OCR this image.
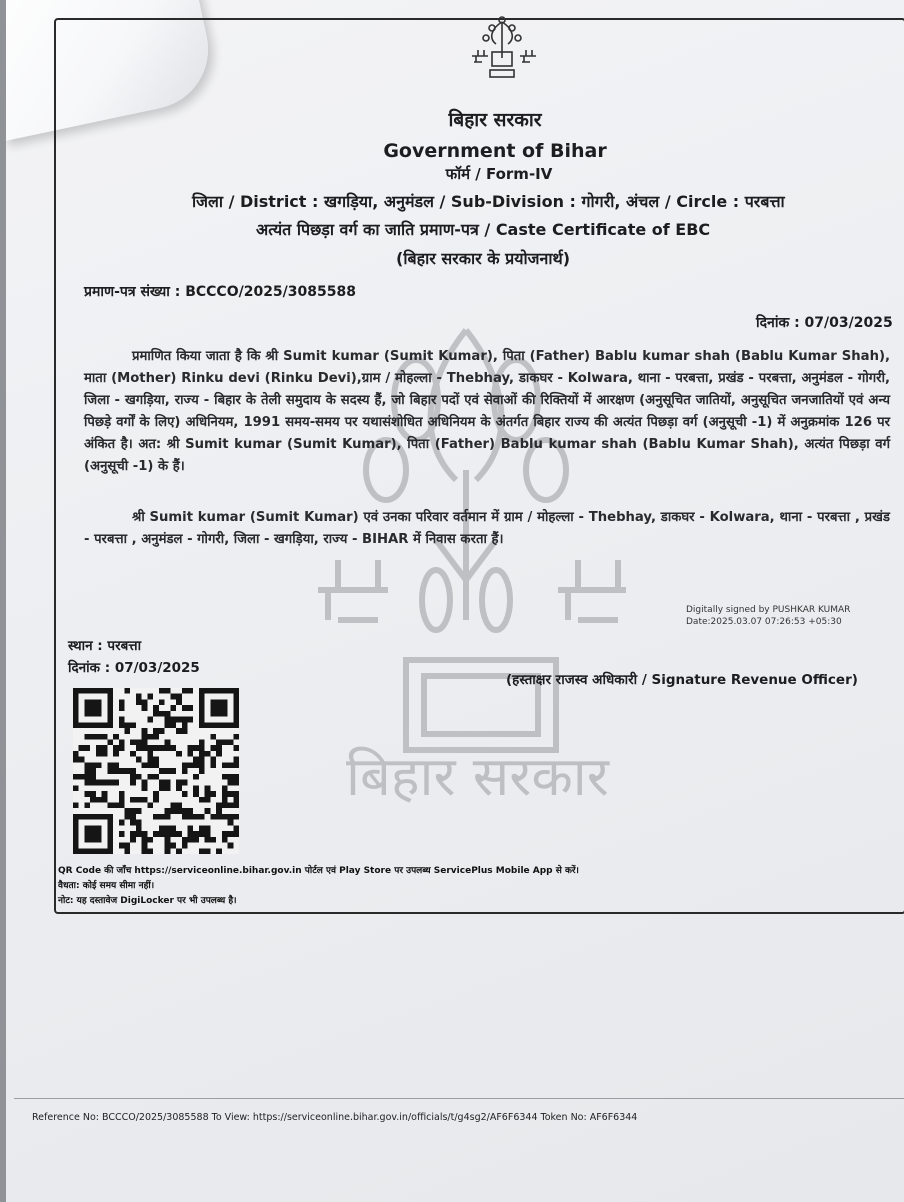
बिहार सरकार
बिहार सरकार
Government of Bihar
फॉर्म / Form-IV
जिला / District : खगड़िया, अनुमंडल / Sub-Division : गोगरी, अंचल / Circle : परबत्ता
अत्यंत पिछड़ा वर्ग का जाति प्रमाण-पत्र / Caste Certificate of EBC
(बिहार सरकार के प्रयोजनार्थ)
प्रमाण-पत्र संख्या : BCCCO/2025/3085588
दिनांक : 07/03/2025
प्रमाणित किया जाता है कि श्री Sumit kumar (Sumit Kumar), पिता (Father) Bablu kumar shah (Bablu Kumar Shah), माता (Mother) Rinku devi (Rinku Devi),ग्राम / मोहल्ला - Thebhay, डाकघर - Kolwara, थाना - परबत्ता, प्रखंड - परबत्ता, अनुमंडल - गोगरी, जिला - खगड़िया, राज्य - बिहार के तेली समुदाय के सदस्य हैं, जो बिहार पदों एवं सेवाओं की रिक्तियों में आरक्षण (अनुसूचित जातियों, अनुसूचित जनजातियों एवं अन्य पिछड़े वर्गों के लिए) अधिनियम, 1991 समय-समय पर यथासंशोधित अधिनियम के अंतर्गत बिहार राज्य की अत्यंत पिछड़ा वर्ग (अनुसूची -1) में अनुक्रमांक 126 पर अंकित है। अत: श्री Sumit kumar (Sumit Kumar), पिता (Father) Bablu kumar shah (Bablu Kumar Shah), अत्यंत पिछड़ा वर्ग (अनुसूची -1) के हैं।
श्री Sumit kumar (Sumit Kumar) एवं उनका परिवार वर्तमान में ग्राम / मोहल्ला - Thebhay, डाकघर - Kolwara, थाना - परबत्ता , प्रखंड - परबत्ता , अनुमंडल - गोगरी, जिला - खगड़िया, राज्य - BIHAR में निवास करता हैं।
Digitally signed by PUSHKAR KUMAR
Date:2025.03.07 07:26:53 +05:30
स्थान : परबत्ता
दिनांक : 07/03/2025
(हस्ताक्षर राजस्व अधिकारी / Signature Revenue Officer)
QR Code की जाँच https://serviceonline.bihar.gov.in पोर्टल एवं Play Store पर उपलब्ध ServicePlus Mobile App से करें।
वैधता: कोई समय सीमा नहीं।
नोट: यह दस्तावेज DigiLocker पर भी उपलब्ध है।
Reference No: BCCCO/2025/3085588 To View: https://serviceonline.bihar.gov.in/officials/t/g4sg2/AF6F6344 Token No: AF6F6344
